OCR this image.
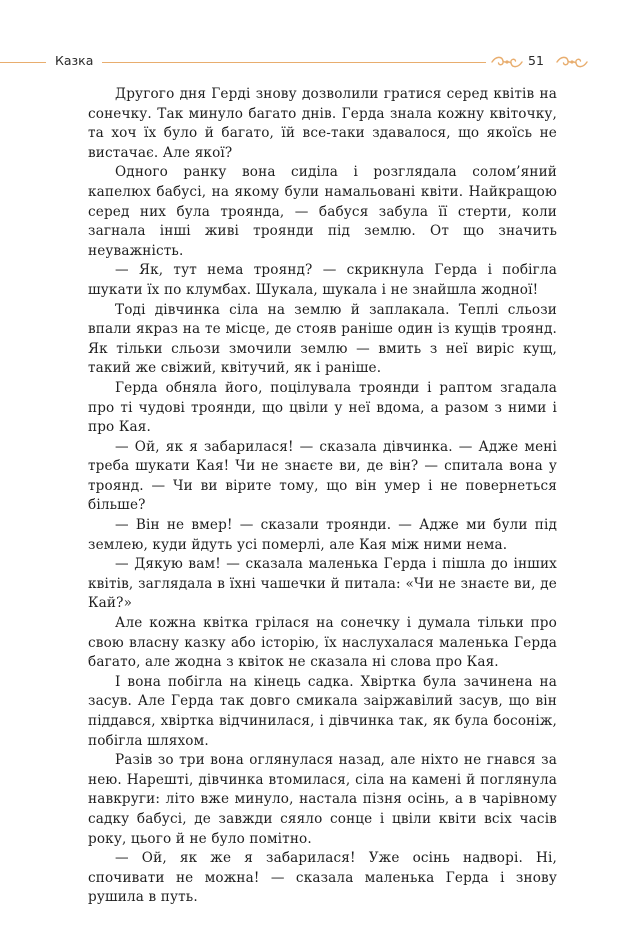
Казка	51

Другого дня Герді знову дозволили гратися серед квітів на сонечку. Так минуло багато днів. Герда знала кожну квіточку, та хоч їх було й багато, їй все-таки здавалося, що якоїсь не вистачає. Але якої?

Одного ранку вона сиділа і розглядала солом’яний капелюх бабусі, на якому були намальовані квіти. Найкращою серед них була троянда, — бабуся забула її стерти, коли загнала інші живі троянди під землю. От що значить неуважність.

— Як, тут нема троянд? — скрикнула Герда і побігла шукати їх по клумбах. Шукала, шукала і не знайшла жодної!

Тоді дівчинка сіла на землю й заплакала. Теплі сльози впали якраз на те місце, де стояв раніше один із кущів троянд. Як тільки сльози змочили землю — вмить з неї виріс кущ, такий же свіжий, квітучий, як і раніше.

Герда обняла його, поцілувала троянди і раптом згадала про ті чудові троянди, що цвіли у неї вдома, а разом з ними і про Кая.

— Ой, як я забарилася! — сказала дівчинка. — Адже мені треба шукати Кая! Чи не знаєте ви, де він? — спитала вона у троянд. — Чи ви вірите тому, що він умер і не повернеться більше?

— Він не вмер! — сказали троянди. — Адже ми були під землею, куди йдуть усі померлі, але Кая між ними нема.

— Дякую вам! — сказала маленька Герда і пішла до інших квітів, заглядала в їхні чашечки й питала: «Чи не знаєте ви, де Кай?»

Але кожна квітка грілася на сонечку і думала тільки про свою власну казку або історію, їх наслухалася маленька Герда багато, але жодна з квіток не сказала ні слова про Кая.

І вона побігла на кінець садка. Хвіртка була зачинена на засув. Але Герда так довго смикала заіржавілий засув, що він піддався, хвіртка відчинилася, і дівчинка так, як була босоніж, побігла шляхом.

Разів зо три вона оглянулася назад, але ніхто не гнався за нею. Нарешті, дівчинка втомилася, сіла на камені й поглянула навкруги: літо вже минуло, настала пізня осінь, а в чарівному садку бабусі, де завжди сяяло сонце і цвіли квіти всіх часів року, цього й не було помітно.

— Ой, як же я забарилася! Уже осінь надворі. Ні, спочивати не можна! — сказала маленька Герда і знову рушила в путь.
